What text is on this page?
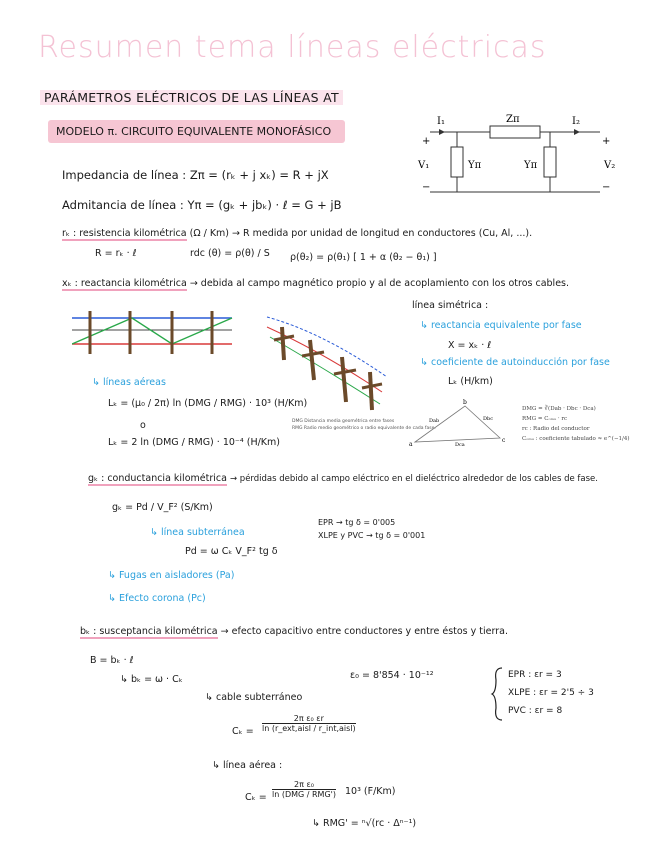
Resumen tema líneas eléctricas
PARÁMETROS ELÉCTRICOS DE LAS LÍNEAS AT
MODELO π. CIRCUITO EQUIVALENTE MONOFÁSICO
I₁	Zπ	I₂
V₁	Yπ	Yπ	V₂
+
−
+
−
Impedancia de línea : Zπ = (rₖ + j xₖ) = R + jX
Admitancia de línea : Yπ = (gₖ + jbₖ) · ℓ = G + jB
rₖ : resistencia kilométrica (Ω / Km) → R medida por unidad de longitud en conductores (Cu, Al, ...).
R = rₖ · ℓ	rdc (θ) = ρ(θ) / S ρ(θ₂) = ρ(θ₁) [ 1 + α (θ₂ − θ₁) ]
xₖ : reactancia kilométrica → debida al campo magnético propio y al de acoplamiento con los otros cables.
DMG Distancia media geométrica entre fases
RMG Radio medio geométrico o radio equivalente de cada fase.
línea simétrica :
↳ reactancia equivalente por fase
X = xₖ · ℓ
↳ coeficiente de autoinducción por fase
Lₖ (H/km)
↳ líneas aéreas
Lₖ = (μ₀ / 2π) ln (DMG / RMG) · 10³ (H/Km)
o
Lₖ = 2 ln (DMG / RMG) · 10⁻⁴ (H/Km)	a
b
c
Dab	Dbc
Dca
DMG = ∛(Dab · Dbc · Dca)
RMG = Cₒₘᵤ · rc
rc : Radio del conductor
Cₒₘᵤ : coeficiente tabulado ≈ e^(−1/4)
gₖ : conductancia kilométrica → pérdidas debido al campo eléctrico en el dieléctrico alrededor de los cables de fase.
gₖ = Pd / V_F² (S/Km)
↳ línea subterránea
Pd = ω Cₖ V_F² tg δ
EPR → tg δ = 0'005
XLPE y PVC → tg δ = 0'001
↳ Fugas en aisladores (Pa)
↳ Efecto corona (Pc)
bₖ : susceptancia kilométrica → efecto capacitivo entre conductores y entre éstos y tierra.
B = bₖ · ℓ
↳ bₖ = ω · Cₖ	ε₀ = 8'854 · 10⁻¹²
↳ cable subterráneo
Cₖ =
2π ε₀ εr
ln (r_ext,aisl / r_int,aisl)
EPR : εr = 3
XLPE : εr = 2'5 ÷ 3
PVC : εr = 8
↳ línea aérea :
Cₖ =
2π ε₀
ln (DMG / RMG') 10³ (F/Km)
↳ RMG' = ⁿ√(rc · Δⁿ⁻¹)
